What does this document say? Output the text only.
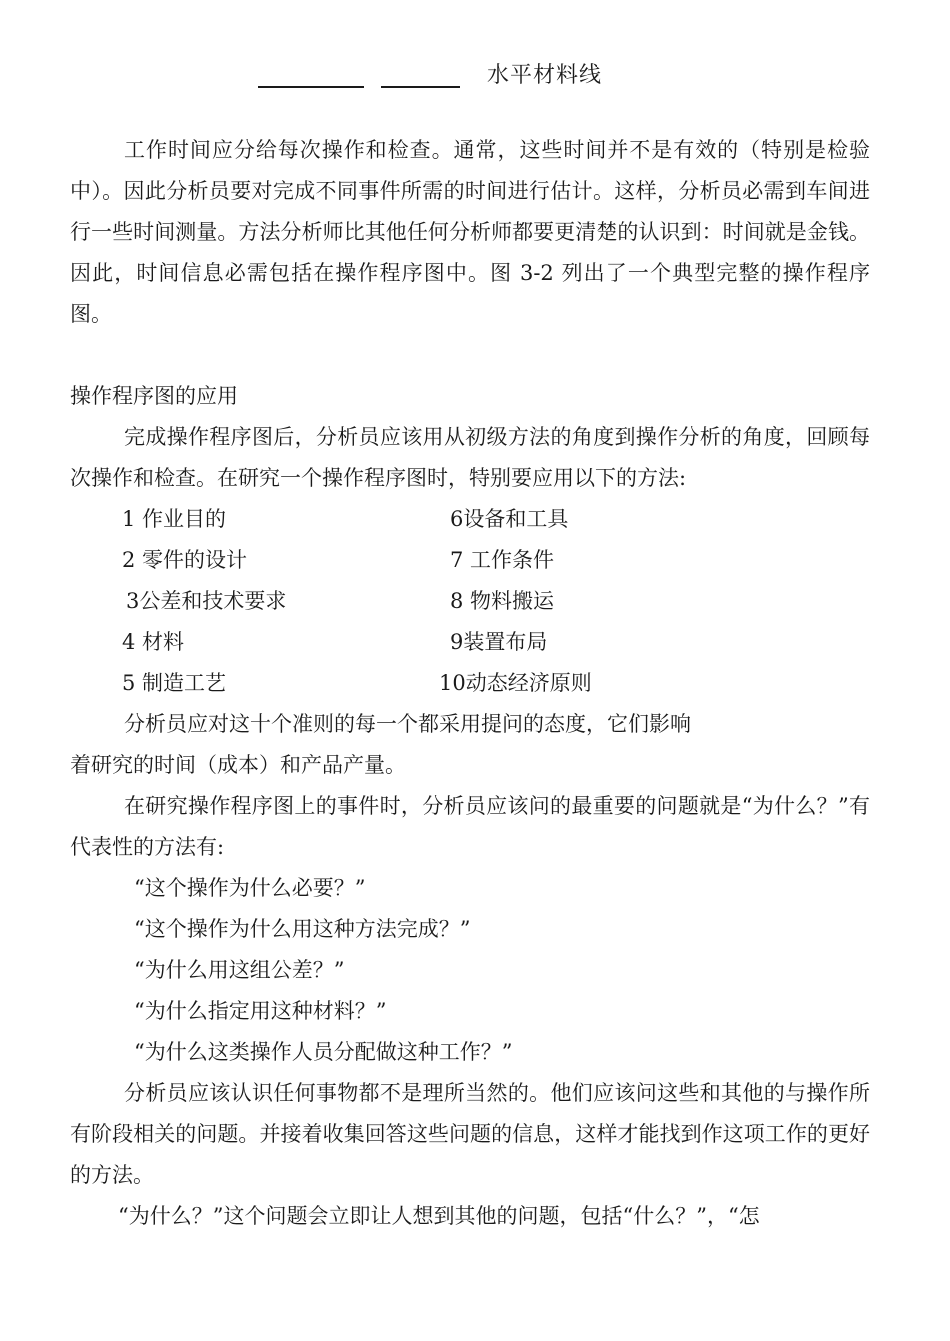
水平材料线

工作时间应分给每次操作和检查。通常，这些时间并不是有效的（特别是检验中）。因此分析员要对完成不同事件所需的时间进行估计。这样，分析员必需到车间进行一些时间测量。方法分析师比其他任何分析师都要更清楚的认识到：时间就是金钱。因此，时间信息必需包括在操作程序图中。图 3-2 列出了一个典型完整的操作程序图。

操作程序图的应用

完成操作程序图后，分析员应该用从初级方法的角度到操作分析的角度，回顾每次操作和检查。在研究一个操作程序图时，特别要应用以下的方法:

1 作业目的	6设备和工具
2 零件的设计	7 工作条件
3公差和技术要求	8 物料搬运
4 材料	9装置布局
5 制造工艺	10动态经济原则

分析员应对这十个准则的每一个都采用提问的态度，它们影响

着研究的时间（成本）和产品产量。

在研究操作程序图上的事件时，分析员应该问的最重要的问题就是“为什么？”有代表性的方法有:

“这个操作为什么必要？”

“这个操作为什么用这种方法完成？”

“为什么用这组公差？”

“为什么指定用这种材料？”

“为什么这类操作人员分配做这种工作？”

分析员应该认识任何事物都不是理所当然的。他们应该问这些和其他的与操作所有阶段相关的问题。并接着收集回答这些问题的信息，这样才能找到作这项工作的更好的方法。

“为什么？”这个问题会立即让人想到其他的问题，包括“什么？”，“怎
